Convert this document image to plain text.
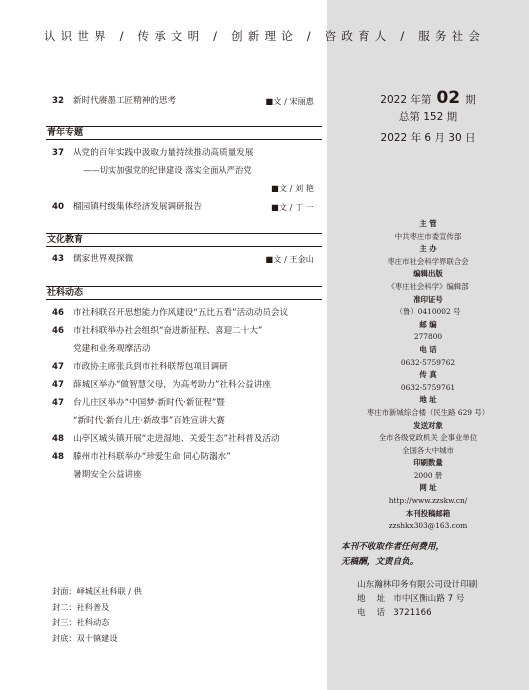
2022 年第 02 期
总第 152 期
2022 年 6 月 30 日
主 管
中共枣庄市委宣传部
主 办
枣庄市社会科学界联合会
编辑出版
《枣庄社会科学》编辑部
准印证号
（鲁）0410002 号
邮 编
277800
电 话
0632-5759762
传 真
0632-5759761
地 址
枣庄市新城综合楼（民生路 629 号）
发送对象
全市各级党政机关 企事业单位
全国各大中城市
印刷数量
2000 册
网 址
http://www.zzskw.cn/
本刊投稿邮箱
zzshkx303@163.com
本刊不收取作者任何费用，
无稿酬，文责自负。
山东瀚林印务有限公司设计印刷
地    址   市中区衡山路 7 号
电    话   3721166
认识世界 / 传承文明 / 创新理论 / 咨政育人 / 服务社会
32 新时代赓墨工匠精神的思考	■文 / 宋丽惠
青年专题
37 从党的百年实践中汲取力量持续推动高质量发展
——切实加强党的纪律建设 落实全面从严治党
■文 / 刘 艳
40 榴园镇村级集体经济发展调研报告	■文 / 丁 一
文化教育
43 儒家世界观探微	■文 / 王金山
社科动态
46 市社科联召开思想能力作风建设“五比五看”活动动员会议
46 市社科联举办社会组织“奋进新征程、喜迎二十大”
党建和业务观摩活动
47 市政协主席张兵到市社科联帮包项目调研
47 薛城区举办“做智慧父母，为高考助力”社科公益讲座
47 台儿庄区举办“中国梦·新时代·新征程”暨
“新时代·新台儿庄·新故事”百姓宣讲大赛
48 山亭区城头镇开展“走进湿地、关爱生态”社科普及活动
48 滕州市社科联举办“珍爱生命 同心防溺水”
暑期安全公益讲座
封面：峄城区社科联 / 供
封二：社科普及
封三：社科动态
封底：双十镇建设
